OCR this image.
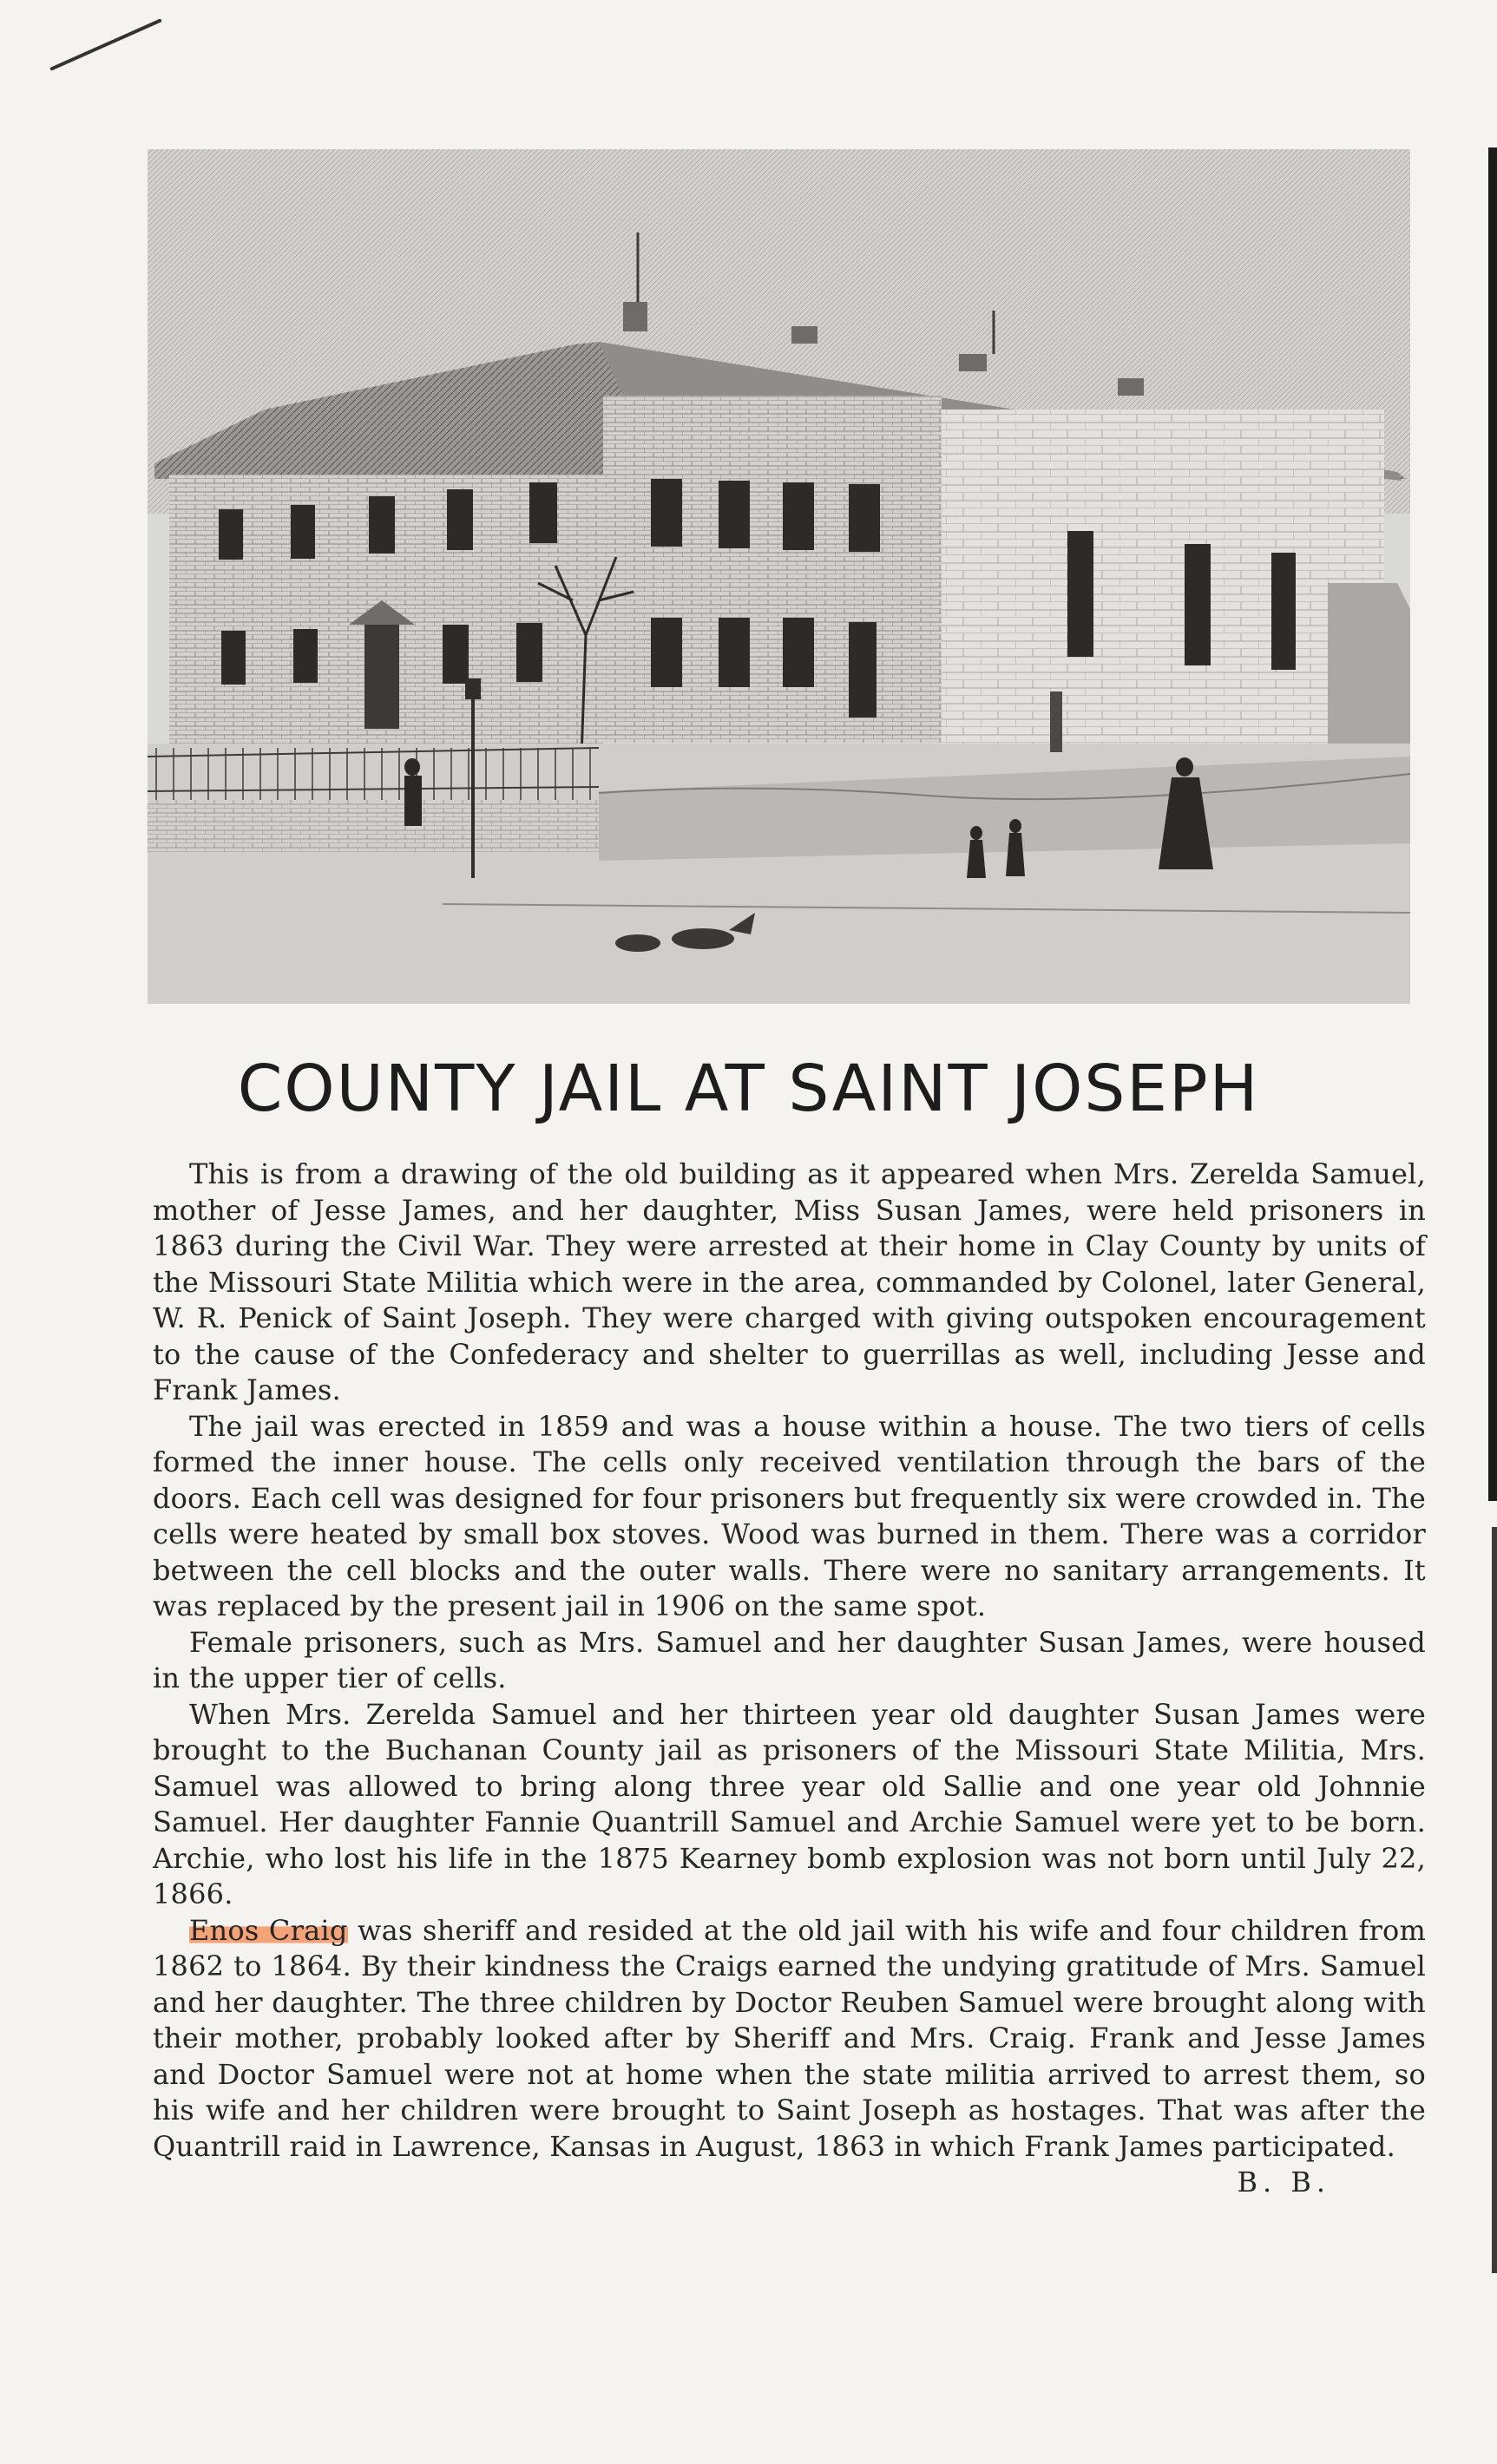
COUNTY JAIL AT SAINT JOSEPH

This is from a drawing of the old building as it appeared when Mrs. Zerelda Samuel, mother of Jesse James, and her daughter, Miss Susan James, were held prisoners in 1863 during the Civil War. They were arrested at their home in Clay County by units of the Missouri State Militia which were in the area, commanded by Colonel, later General, W. R. Penick of Saint Joseph. They were charged with giving outspoken encouragement to the cause of the Confederacy and shelter to guerrillas as well, including Jesse and Frank James.

The jail was erected in 1859 and was a house within a house. The two tiers of cells formed the inner house. The cells only received ventilation through the bars of the doors. Each cell was designed for four prisoners but frequently six were crowded in. The cells were heated by small box stoves. Wood was burned in them. There was a corridor between the cell blocks and the outer walls. There were no sanitary arrangements. It was replaced by the present jail in 1906 on the same spot.

Female prisoners, such as Mrs. Samuel and her daughter Susan James, were housed in the upper tier of cells.

When Mrs. Zerelda Samuel and her thirteen year old daughter Susan James were brought to the Buchanan County jail as prisoners of the Missouri State Militia, Mrs. Samuel was allowed to bring along three year old Sallie and one year old Johnnie Samuel. Her daughter Fannie Quantrill Samuel and Archie Samuel were yet to be born. Archie, who lost his life in the 1875 Kearney bomb explosion was not born until July 22, 1866.

Enos Craig was sheriff and resided at the old jail with his wife and four children from 1862 to 1864. By their kindness the Craigs earned the undying gratitude of Mrs. Samuel and her daughter. The three children by Doctor Reuben Samuel were brought along with their mother, probably looked after by Sheriff and Mrs. Craig. Frank and Jesse James and Doctor Samuel were not at home when the state militia arrived to arrest them, so his wife and her children were brought to Saint Joseph as hostages. That was after the Quantrill raid in Lawrence, Kansas in August, 1863 in which Frank James participated.

B. B.
